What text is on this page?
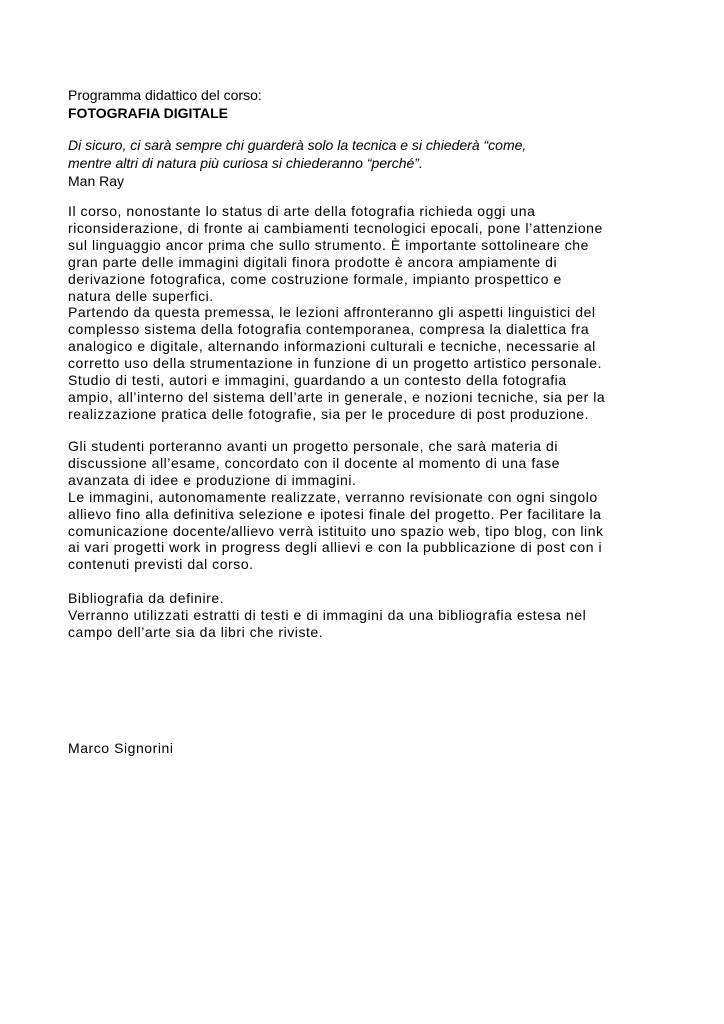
Programma didattico del corso:
FOTOGRAFIA DIGITALE
Di sicuro, ci sarà sempre chi guarderà solo la tecnica e si chiederà “come,
mentre altri di natura più curiosa si chiederanno “perché”.
Man Ray
Il corso, nonostante lo status di arte della fotografia richieda oggi una
riconsiderazione, di fronte ai cambiamenti tecnologici epocali, pone l’attenzione
sul linguaggio ancor prima che sullo strumento. È importante sottolineare che
gran parte delle immagini digitali finora prodotte è ancora ampiamente di
derivazione fotografica, come costruzione formale, impianto prospettico e
natura delle superfici.
Partendo da questa premessa, le lezioni affronteranno gli aspetti linguistici del
complesso sistema della fotografia contemporanea, compresa la dialettica fra
analogico e digitale, alternando informazioni culturali e tecniche, necessarie al
corretto uso della strumentazione in funzione di un progetto artistico personale.
Studio di testi, autori e immagini, guardando a un contesto della fotografia
ampio, all’interno del sistema dell’arte in generale, e nozioni tecniche, sia per la
realizzazione pratica delle fotografie, sia per le procedure di post produzione.
Gli studenti porteranno avanti un progetto personale, che sarà materia di
discussione all’esame, concordato con il docente al momento di una fase
avanzata di idee e produzione di immagini.
Le immagini, autonomamente realizzate, verranno revisionate con ogni singolo
allievo fino alla definitiva selezione e ipotesi finale del progetto. Per facilitare la
comunicazione docente/allievo verrà istituito uno spazio web, tipo blog, con link
ai vari progetti work in progress degli allievi e con la pubblicazione di post con i
contenuti previsti dal corso.
Bibliografia da definire.
Verranno utilizzati estratti di testi e di immagini da una bibliografia estesa nel
campo dell’arte sia da libri che riviste.
Marco Signorini
